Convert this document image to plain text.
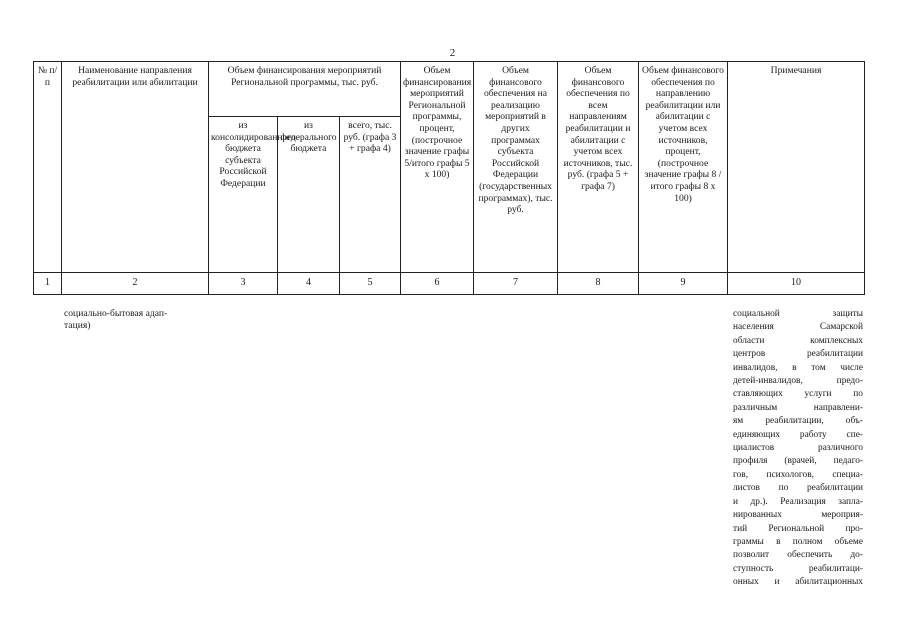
2
№ п/п	Наименование направления реабилитации или абилитации	Объем финансирования мероприятий Региональной программы, тыс. руб.			Объем финансирования мероприятий Региональной программы, процент, (построчное значение графы 5/итого графы 5 х 100)	Объем финансового обеспечения на реализацию мероприятий в других программах субъекта Российской Федерации (государственных программах), тыс. руб.	Объем финансового обеспечения по всем направлениям реабилитации и абилитации с учетом всех источников, тыс. руб. (графа 5 + графа 7)	Объем финансового обеспечения по направлению реабилитации или абилитации с учетом всех источников, процент, (построчное значение графы 8 / итого графы 8 х 100)	Примечания

		из консолидированного бюджета субъекта Российской Федерации	из федерального бюджета	всего, тыс. руб. (графа 3 + графа 4)					

1	2	3	4	5	6	7	8	9	10
социально-бытовая адап-
тация)
социальной защиты
населения Самарской
области комплексных
центров реабилитации
инвалидов, в том числе
детей-инвалидов, предо-
ставляющих услуги по
различным направлени-
ям реабилитации, объ-
единяющих работу спе-
циалистов различного
профиля (врачей, педаго-
гов, психологов, специа-
листов по реабилитации
и др.). Реализация запла-
нированных мероприя-
тий Региональной про-
граммы в полном объеме
позволит обеспечить до-
ступность реабилитаци-
онных и абилитационных
